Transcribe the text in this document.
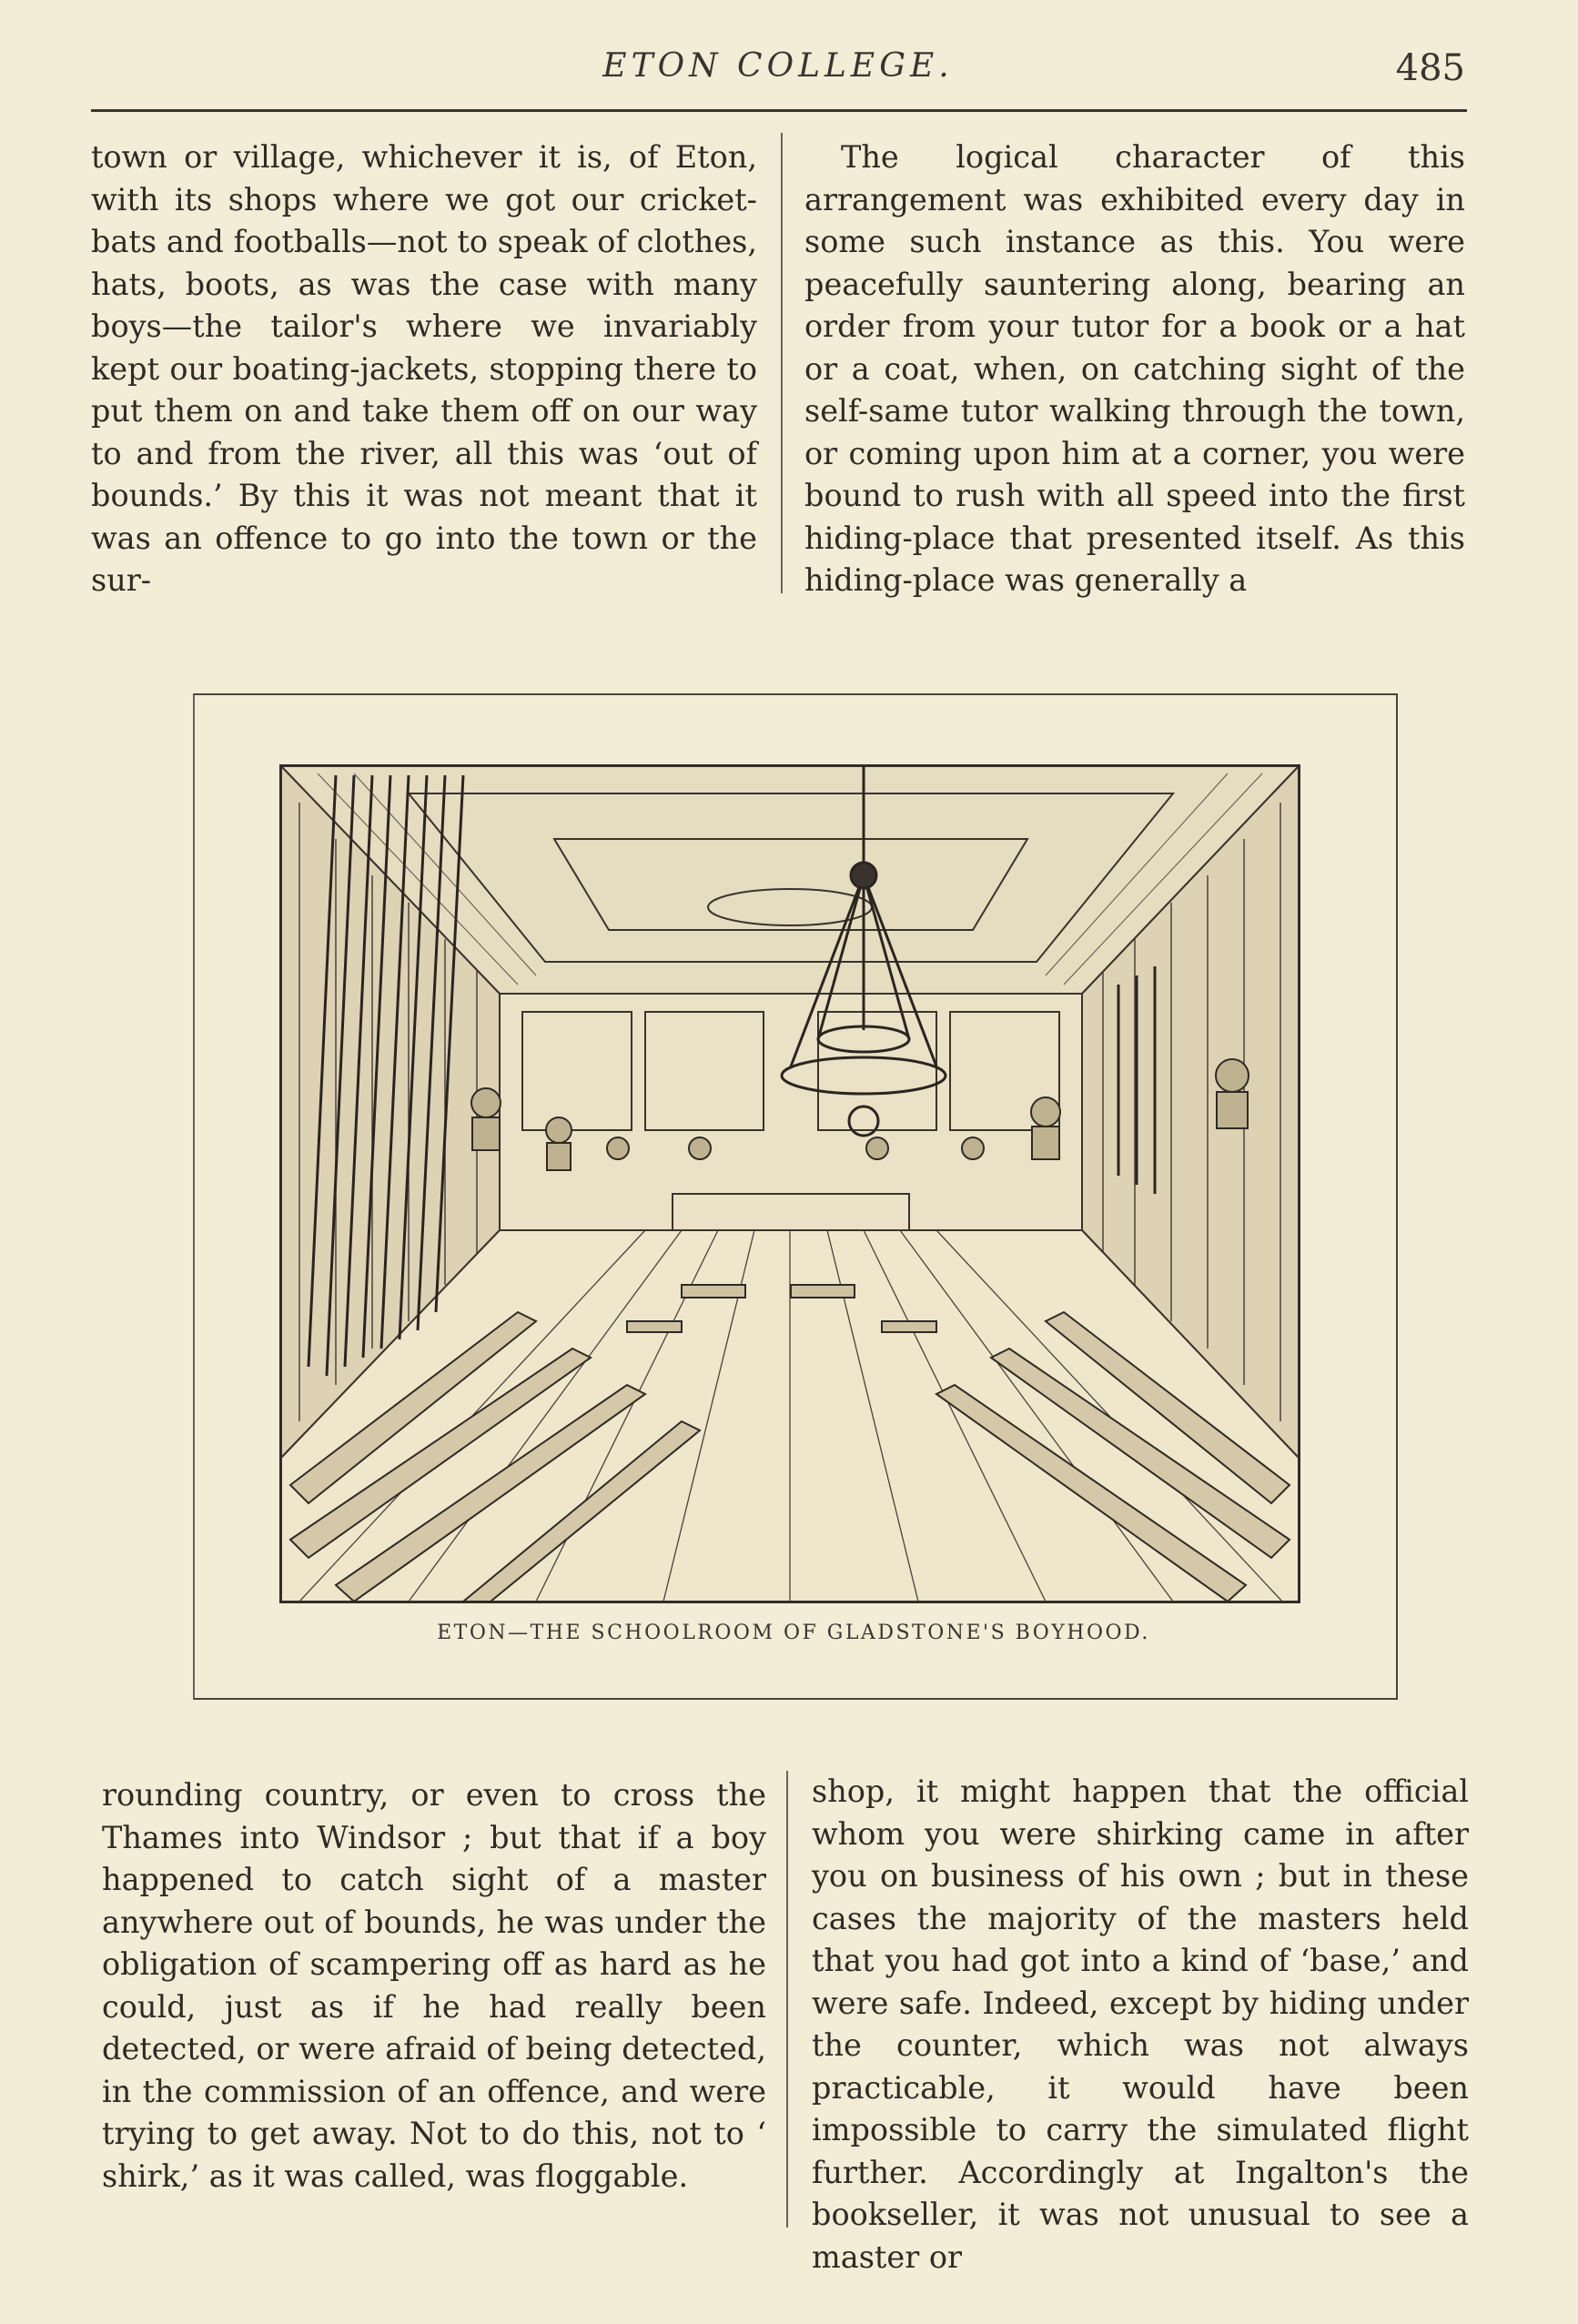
ETON COLLEGE.	485

town or village, whichever it is, of Eton, with its shops where we got our cricket-bats and footballs—not to speak of clothes, hats, boots, as was the case with many boys—the tailor's where we invariably kept our boating-jackets, stopping there to put them on and take them off on our way to and from the river, all this was ‘out of bounds.’ By this it was not meant that it was an offence to go into the town or the sur-

The logical character of this arrangement was exhibited every day in some such instance as this. You were peacefully sauntering along, bearing an order from your tutor for a book or a hat or a coat, when, on catching sight of the self-same tutor walking through the town, or coming upon him at a corner, you were bound to rush with all speed into the first hiding-place that presented itself. As this hiding-place was generally a

ETON—THE SCHOOLROOM OF GLADSTONE'S BOYHOOD.

rounding country, or even to cross the Thames into Windsor ; but that if a boy happened to catch sight of a master anywhere out of bounds, he was under the obligation of scampering off as hard as he could, just as if he had really been detected, or were afraid of being detected, in the commission of an offence, and were trying to get away. Not to do this, not to ‘ shirk,’ as it was called, was floggable.

shop, it might happen that the official whom you were shirking came in after you on business of his own ; but in these cases the majority of the masters held that you had got into a kind of ‘base,’ and were safe. Indeed, except by hiding under the counter, which was not always practicable, it would have been impossible to carry the simulated flight further. Accordingly at Ingalton's the bookseller, it was not unusual to see a master or
